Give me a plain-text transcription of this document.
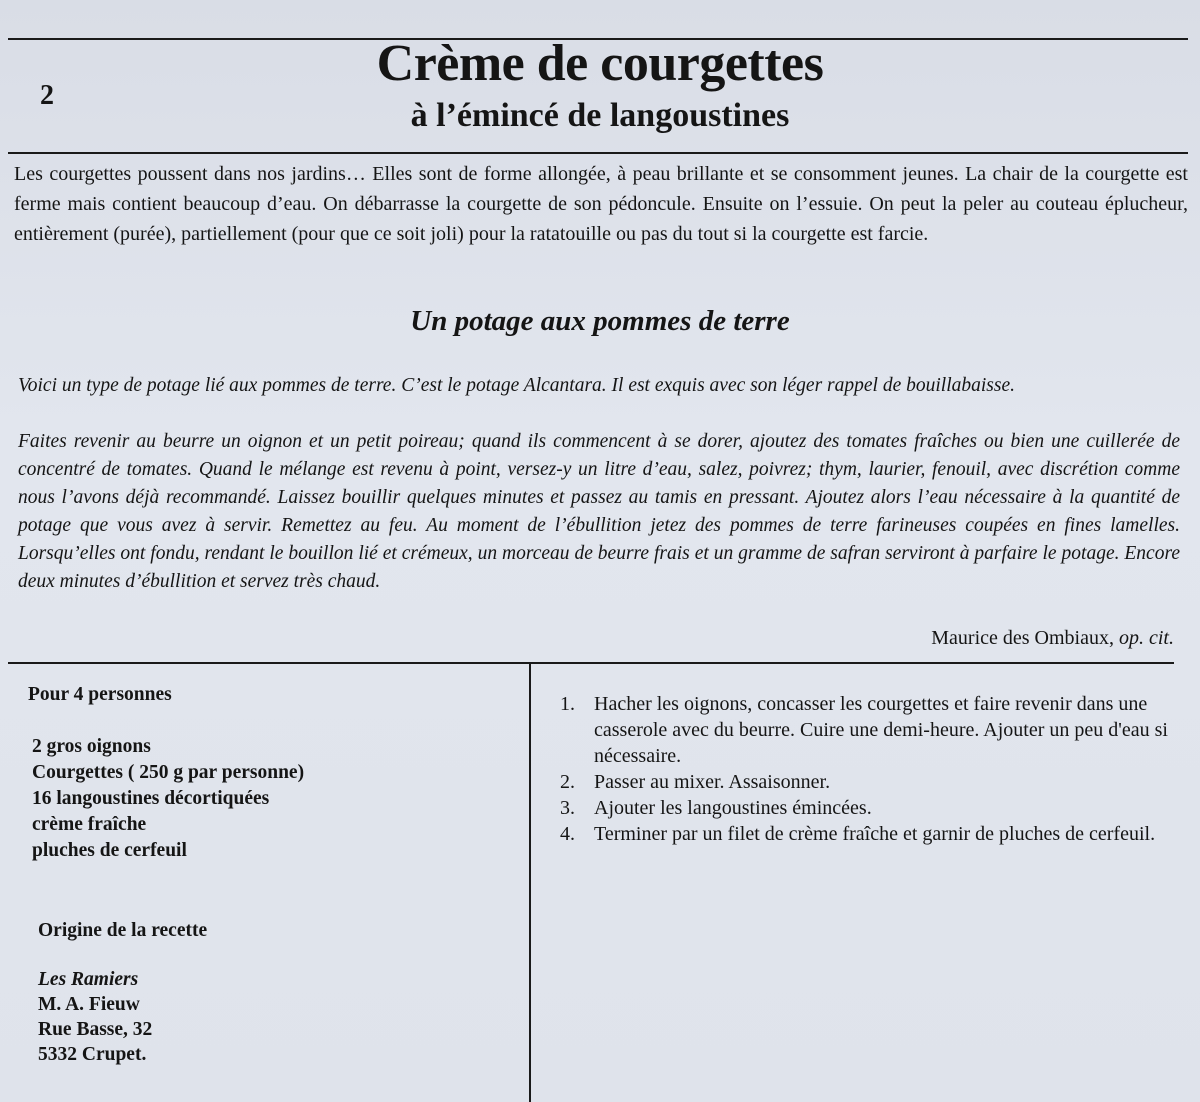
2

Crème de courgettes
à l’émincé de langoustines

Les courgettes poussent dans nos jardins… Elles sont de forme allongée, à peau brillante et se consomment jeunes. La chair de la courgette est ferme mais contient beaucoup d’eau. On débarrasse la courgette de son pédoncule. Ensuite on l’essuie. On peut la peler au couteau éplucheur, entièrement (purée), partiellement (pour que ce soit joli) pour la ratatouille ou pas du tout si la courgette est farcie.

Un potage aux pommes de terre

Voici un type de potage lié aux pommes de terre. C’est le potage Alcantara. Il est exquis avec son léger rappel de bouillabaisse.

Faites revenir au beurre un oignon et un petit poireau; quand ils commencent à se dorer, ajoutez des tomates fraîches ou bien une cuillerée de concentré de tomates. Quand le mélange est revenu à point, versez-y un litre d’eau, salez, poivrez; thym, laurier, fenouil, avec discrétion comme nous l’avons déjà recommandé. Laissez bouillir quelques minutes et passez au tamis en pressant. Ajoutez alors l’eau nécessaire à la quantité de potage que vous avez à servir. Remettez au feu. Au moment de l’ébullition jetez des pommes de terre farineuses coupées en fines lamelles. Lorsqu’elles ont fondu, rendant le bouillon lié et crémeux, un morceau de beurre frais et un gramme de safran serviront à parfaire le potage. Encore deux minutes d’ébullition et servez très chaud.

Maurice des Ombiaux, op. cit.

Pour 4 personnes

2 gros oignons
Courgettes ( 250 g par personne)
16 langoustines décortiquées
crème fraîche
pluches de cerfeuil

Origine de la recette

Les Ramiers

M. A. Fieuw

Rue Basse, 32

5332 Crupet.

1. Hacher les oignons, concasser les courgettes et faire revenir dans une casserole avec du beurre. Cuire une demi-heure. Ajouter un peu d'eau si nécessaire.
2. Passer au mixer. Assaisonner.
3. Ajouter les langoustines émincées.
4. Terminer par un filet de crème fraîche et garnir de pluches de cerfeuil.
